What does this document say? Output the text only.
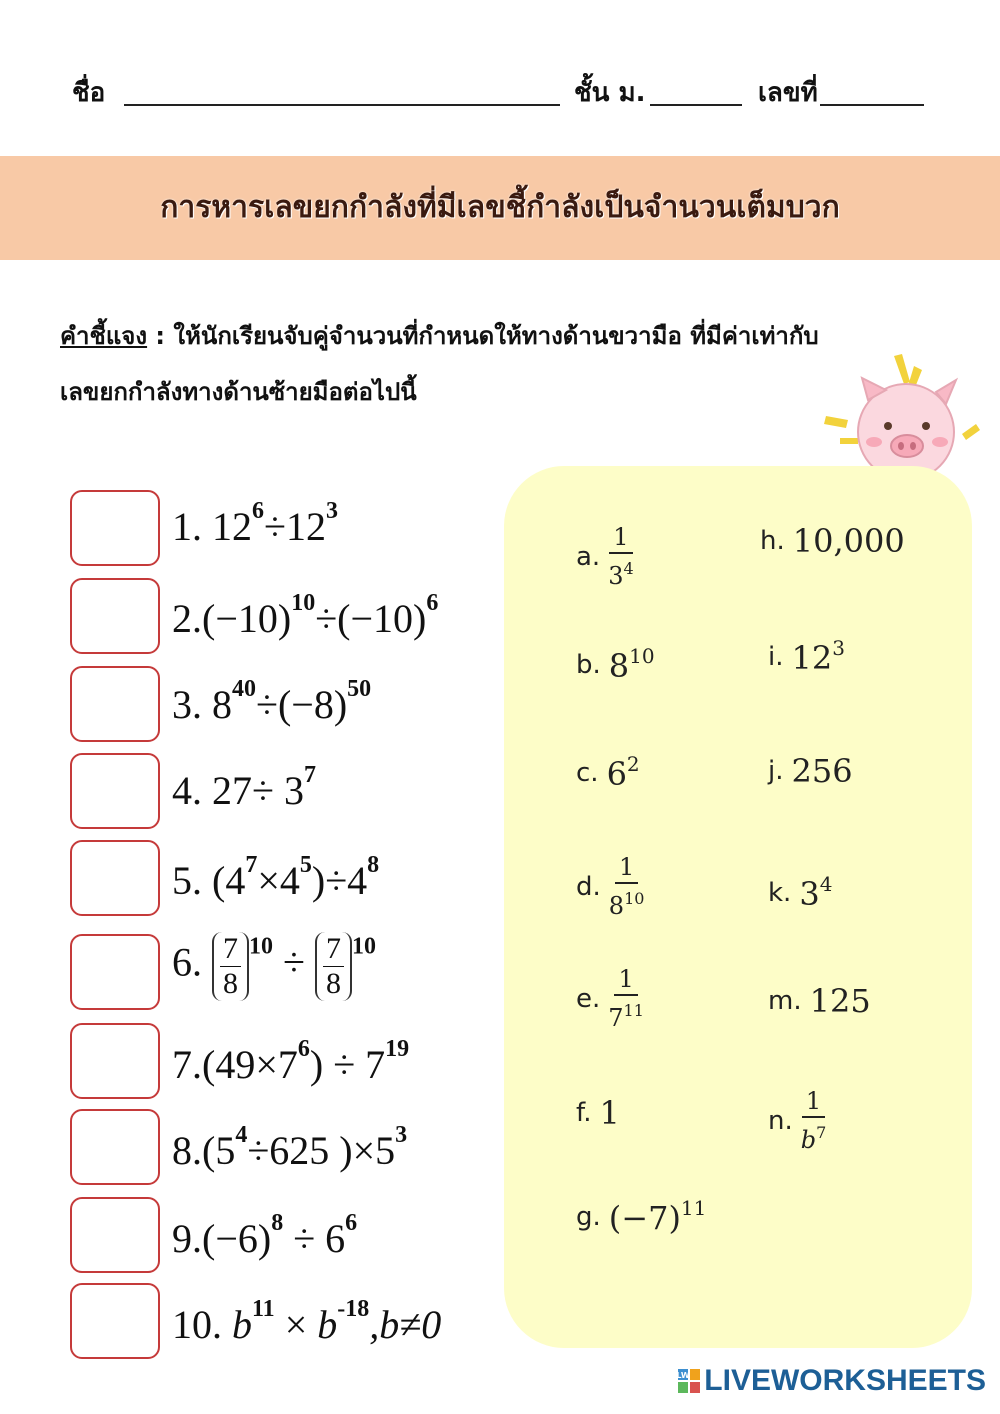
ชื่อ	ชั้น ม.	เลขที่
การหารเลขยกกำลังที่มีเลขชี้กำลังเป็นจำนวนเต็มบวก
คำชี้แจง : ให้นักเรียนจับคู่จำนวนที่กำหนดให้ทางด้านขวามือ ที่มีค่าเท่ากับ
เลขยกกำลังทางด้านซ้ายมือต่อไปนี้
1. $12^6\div 12^3$
$2.(-10)^{10}\div(-10)^6$
3. $8^{40}\div(-8)^{50}$
4. $27\div 3^7$
5. $(4^7\times 4^5)\div 4^8$
6. $\frac{7}{8} ^{10} \div \frac{7}{8} ^{10}$
$7.(49\times 7^6) \div 7^{19}$
$8.(5^4\div 625$ )$\times 5^3$
$9.(-6)^8 \div 6^6$
10. $b^{11} \times b^{-18},b\ne 0$
a.
1
$3^4$
b. $8^{10}$
c. $6^2$
d.
1
$8^{10}$
e.
1
$7^{11}$
f. 1
g. $(-7)^{11}$
h. 10,000
i. $12^3$
j. 256
k. $3^4$
m. 125
n.
1
$b^7$
LW LIVEWORKSHEETS
